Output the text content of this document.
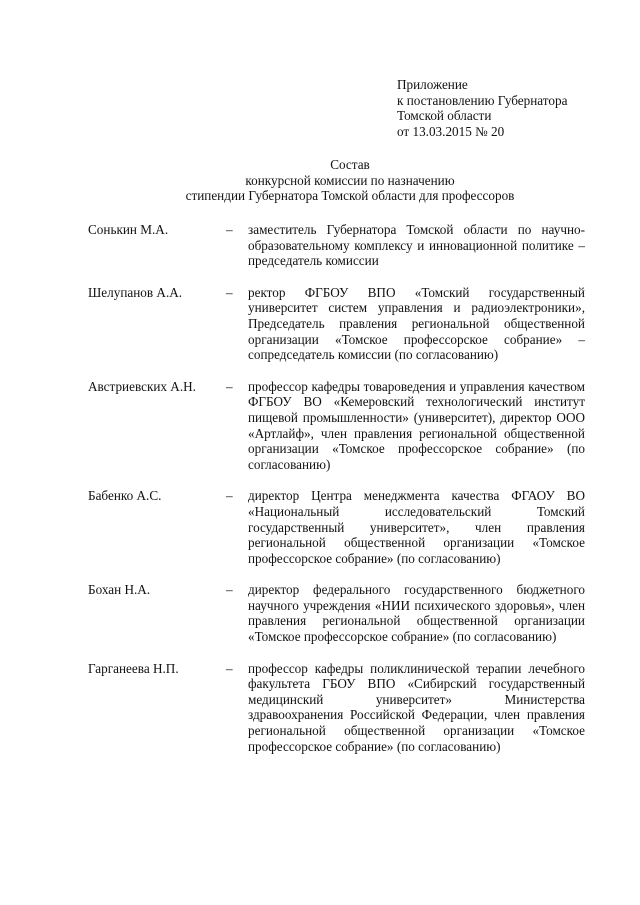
Приложение
к постановлению Губернатора
Томской области
от 13.03.2015 № 20
Состав
конкурсной комиссии по назначению
стипендии Губернатора Томской области для профессоров
Сонькин М.А.	–	заместитель Губернатора Томской области по научно-образовательному комплексу и инновационной политике – председатель комиссии
Шелупанов А.А.	–	ректор ФГБОУ ВПО «Томский государственный университет систем управления и радиоэлектроники», Председатель правления региональной общественной организации «Томское профессорское собрание» – сопредседатель комиссии (по согласованию)
Австриевских А.Н.	–	профессор кафедры товароведения и управления качеством ФГБОУ ВО «Кемеровский технологический институт пищевой промышленности» (университет), директор ООО «Артлайф», член правления региональной общественной организации «Томское профессорское собрание» (по согласованию)
Бабенко А.С.	–	директор Центра менеджмента качества ФГАОУ ВО «Национальный исследовательский Томский государственный университет», член правления региональной общественной организации «Томское профессорское собрание» (по согласованию)
Бохан Н.А.	–	директор федерального государственного бюджетного научного учреждения «НИИ психического здоровья», член правления региональной общественной организации «Томское профессорское собрание» (по согласованию)
Гарганеева Н.П.	–	профессор кафедры поликлинической терапии лечебного факультета ГБОУ ВПО «Сибирский государственный медицинский университет» Министерства здравоохранения Российской Федерации, член правления региональной общественной организации «Томское профессорское собрание» (по согласованию)
